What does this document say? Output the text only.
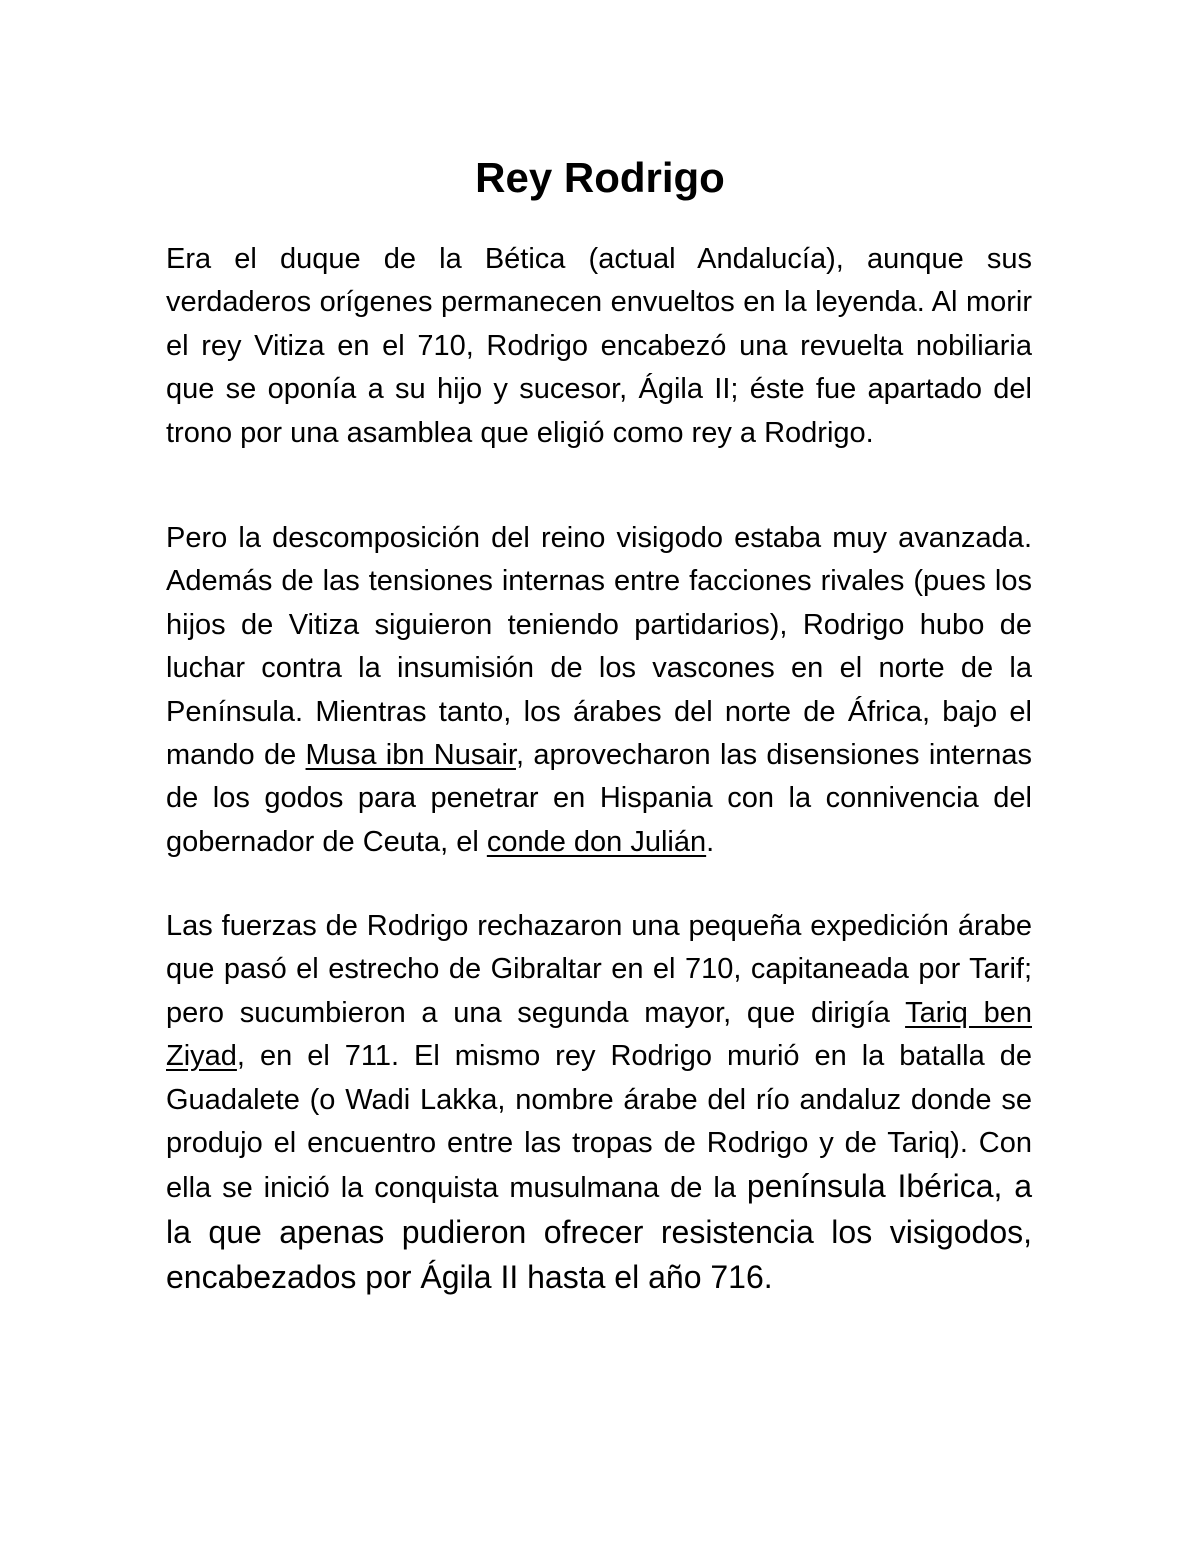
Rey Rodrigo

Era el duque de la Bética (actual Andalucía), aunque sus verdaderos orígenes permanecen envueltos en la leyenda. Al morir el rey Vitiza en el 710, Rodrigo encabezó una revuelta nobiliaria que se oponía a su hijo y sucesor, Ágila II; éste fue apartado del trono por una asamblea que eligió como rey a Rodrigo.

Pero la descomposición del reino visigodo estaba muy avanzada. Además de las tensiones internas entre facciones rivales (pues los hijos de Vitiza siguieron teniendo partidarios), Rodrigo hubo de luchar contra la insumisión de los vascones en el norte de la Península. Mientras tanto, los árabes del norte de África, bajo el mando de Musa ibn Nusair, aprovecharon las disensiones internas de los godos para penetrar en Hispania con la connivencia del gobernador de Ceuta, el conde don Julián.

Las fuerzas de Rodrigo rechazaron una pequeña expedición árabe que pasó el estrecho de Gibraltar en el 710, capitaneada por Tarif; pero sucumbieron a una segunda mayor, que dirigía Tariq ben Ziyad, en el 711. El mismo rey Rodrigo murió en la batalla de Guadalete (o Wadi Lakka, nombre árabe del río andaluz donde se produjo el encuentro entre las tropas de Rodrigo y de Tariq). Con ella se inició la conquista musulmana de la península Ibérica, a la que apenas pudieron ofrecer resistencia los visigodos, encabezados por Ágila II hasta el año 716.
